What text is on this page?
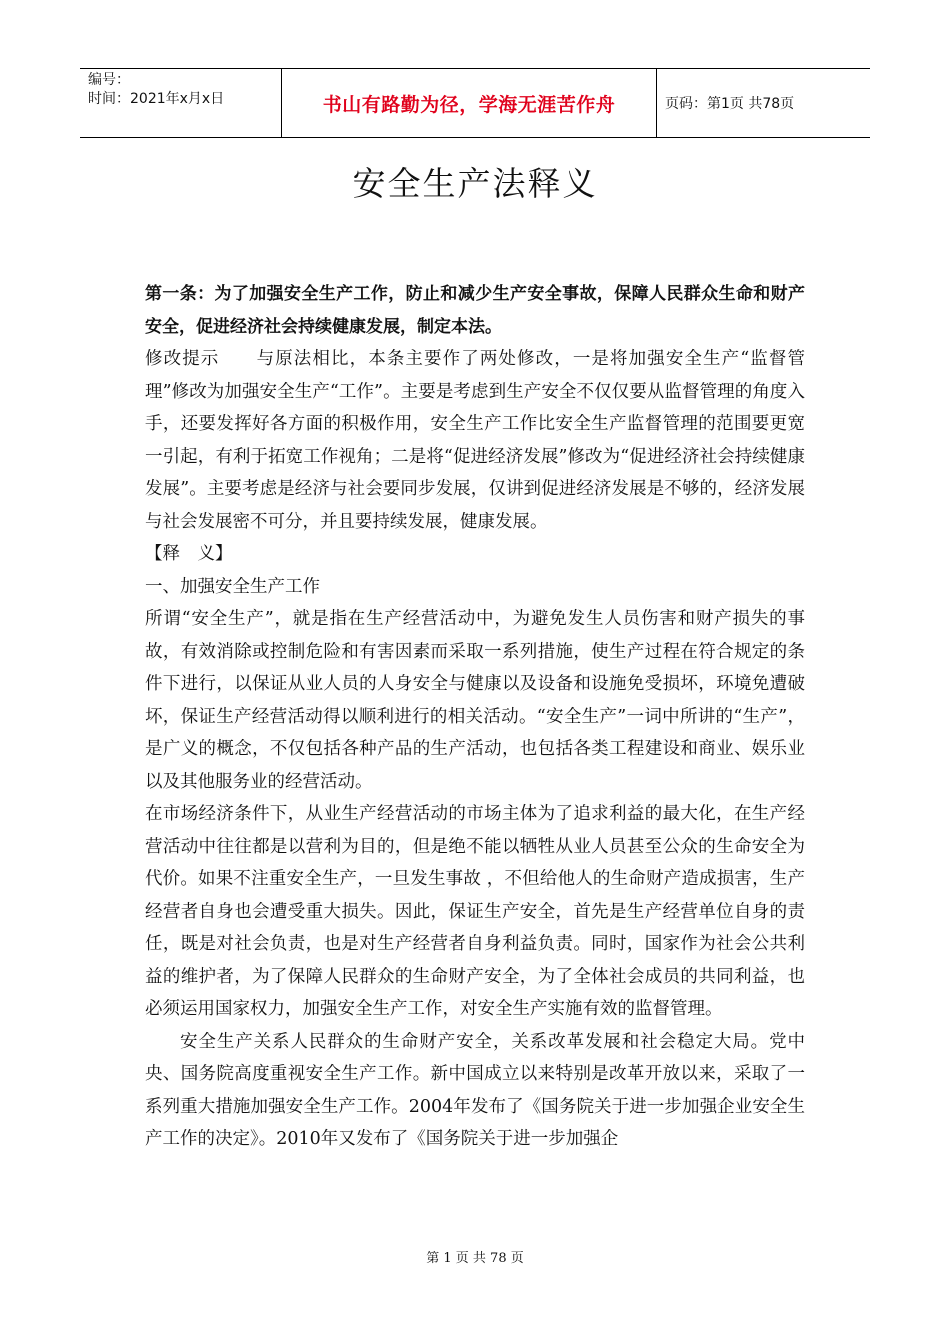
编号：
时间：2021年x月x日	书山有路勤为径，学海无涯苦作舟	页码：第1页 共78页
安全生产法释义

第一条：为了加强安全生产工作，防止和减少生产安全事故，保障人民群众生命和财产安全，促进经济社会持续健康发展，制定本法。

修改提示　　与原法相比，本条主要作了两处修改，一是将加强安全生产“监督管理”修改为加强安全生产“工作”。主要是考虑到生产安全不仅仅要从监督管理的角度入手，还要发挥好各方面的积极作用，安全生产工作比安全生产监督管理的范围要更宽一引起，有利于拓宽工作视角；二是将“促进经济发展”修改为“促进经济社会持续健康发展”。主要考虑是经济与社会要同步发展，仅讲到促进经济发展是不够的，经济发展与社会发展密不可分，并且要持续发展，健康发展。

【释　义】

一、加强安全生产工作

所谓“安全生产”，就是指在生产经营活动中，为避免发生人员伤害和财产损失的事故，有效消除或控制危险和有害因素而采取一系列措施，使生产过程在符合规定的条件下进行，以保证从业人员的人身安全与健康以及设备和设施免受损坏，环境免遭破坏，保证生产经营活动得以顺利进行的相关活动。“安全生产”一词中所讲的“生产”，是广义的概念，不仅包括各种产品的生产活动，也包括各类工程建设和商业、娱乐业以及其他服务业的经营活动。

在市场经济条件下，从业生产经营活动的市场主体为了追求利益的最大化，在生产经营活动中往往都是以营利为目的，但是绝不能以牺牲从业人员甚至公众的生命安全为代价。如果不注重安全生产，一旦发生事故 ，不但给他人的生命财产造成损害，生产经营者自身也会遭受重大损失。因此，保证生产安全，首先是生产经营单位自身的责任，既是对社会负责，也是对生产经营者自身利益负责。同时，国家作为社会公共利益的维护者，为了保障人民群众的生命财产安全，为了全体社会成员的共同利益，也必须运用国家权力，加强安全生产工作，对安全生产实施有效的监督管理。

安全生产关系人民群众的生命财产安全，关系改革发展和社会稳定大局。党中央、国务院高度重视安全生产工作。新中国成立以来特别是改革开放以来，采取了一系列重大措施加强安全生产工作。2004年发布了《国务院关于进一步加强企业安全生产工作的决定》。2010年又发布了《国务院关于进一步加强企

第 1 页 共 78 页
